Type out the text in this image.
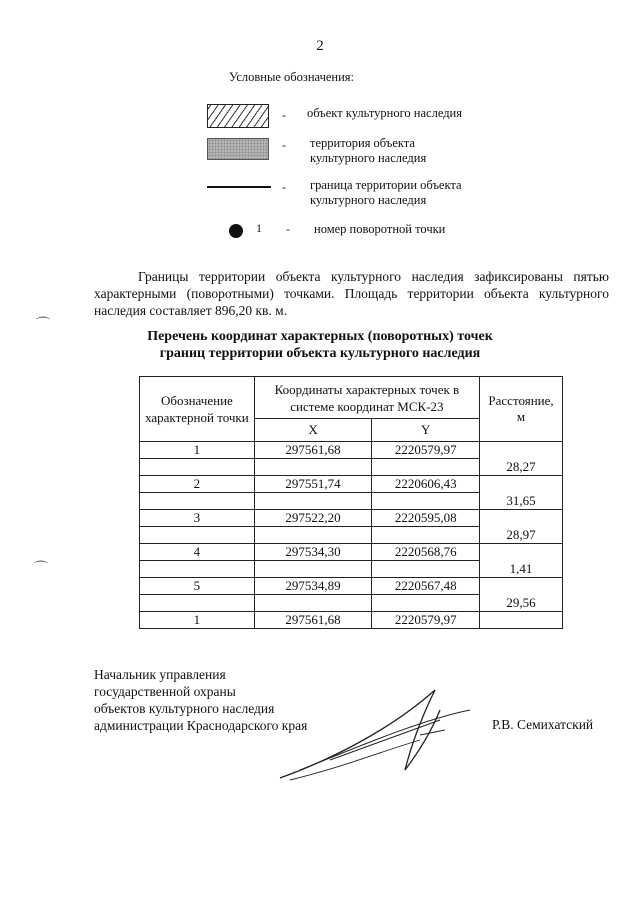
2
Условные обозначения:
- объект культурного наследия
- территория объекта культурного наследия
- граница территории объекта культурного наследия
1 - номер поворотной точки
Границы территории объекта культурного наследия зафиксированы пятью характерными (поворотными) точками. Площадь территории объекта культурного наследия составляет 896,20 кв. м.
Перечень координат характерных (поворотных) точек
границ территории объекта культурного наследия
Обозначение характерной точки	Координаты характерных точек в системе координат МСК-23		Расстояние, м
	X	Y	
1	297561,68	2220579,97	28,27

2	297551,74	2220606,43	31,65

3	297522,20	2220595,08	28,97

4	297534,30	2220568,76	1,41

5	297534,89	2220567,48	29,56

1	297561,68	2220579,97	
Начальник управления
государственной охраны
объектов культурного наследия
администрации Краснодарского края	Р.В. Семихатский
⌒
⌒
